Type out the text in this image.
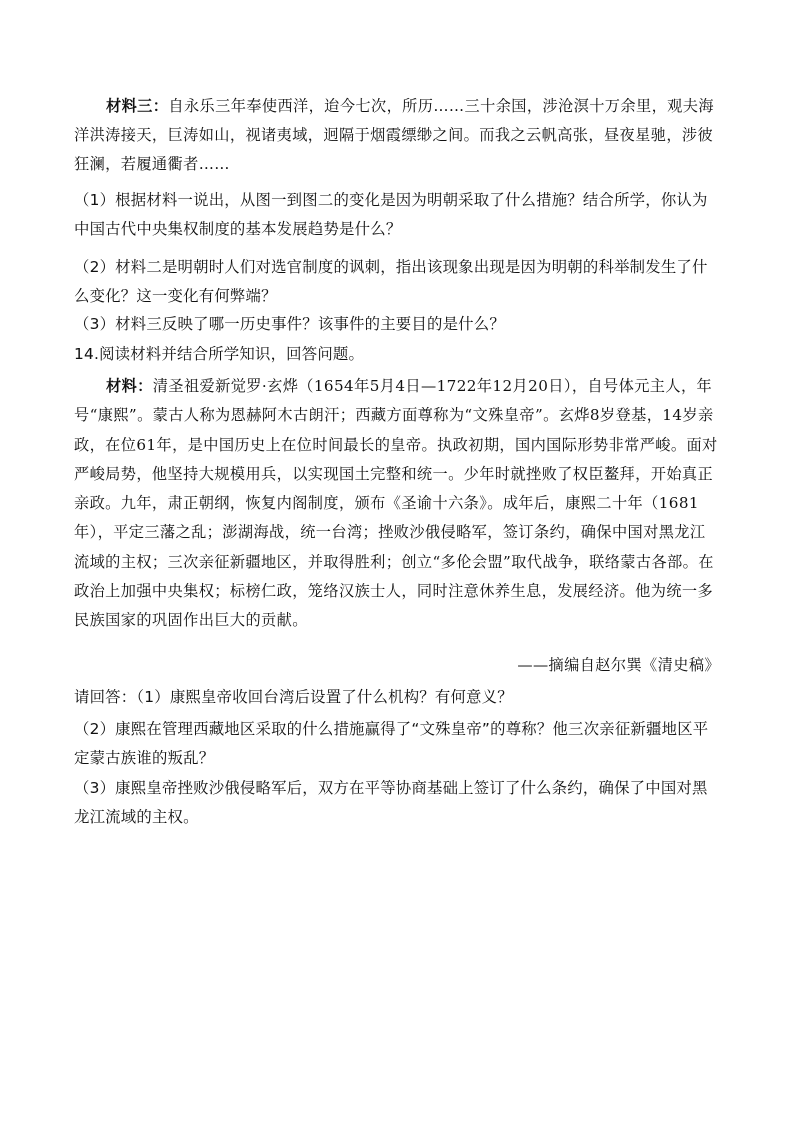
材料三：自永乐三年奉使西洋，迨今七次，所历……三十余国，涉沧溟十万余里，观夫海洋洪涛接天，巨涛如山，视诸夷域，迥隔于烟霞缥缈之间。而我之云帆高张，昼夜星驰，涉彼狂澜，若履通衢者……

（1）根据材料一说出，从图一到图二的变化是因为明朝采取了什么措施？结合所学，你认为中国古代中央集权制度的基本发展趋势是什么？

（2）材料二是明朝时人们对选官制度的讽刺，指出该现象出现是因为明朝的科举制发生了什么变化？这一变化有何弊端？

（3）材料三反映了哪一历史事件？该事件的主要目的是什么？

14.阅读材料并结合所学知识，回答问题。

材料：清圣祖爱新觉罗·玄烨（1654年5月4日—1722年12月20日），自号体元主人，年号“康熙”。蒙古人称为恩赫阿木古朗汗；西藏方面尊称为“文殊皇帝”。玄烨8岁登基，14岁亲政，在位61年，是中国历史上在位时间最长的皇帝。执政初期，国内国际形势非常严峻。面对严峻局势，他坚持大规模用兵，以实现国土完整和统一。少年时就挫败了权臣鳌拜，开始真正亲政。九年，肃正朝纲，恢复内阁制度，颁布《圣谕十六条》。成年后，康熙二十年（1681年），平定三藩之乱；澎湖海战，统一台湾；挫败沙俄侵略军，签订条约，确保中国对黑龙江流域的主权；三次亲征新疆地区，并取得胜利；创立“多伦会盟”取代战争，联络蒙古各部。在政治上加强中央集权；标榜仁政，笼络汉族士人，同时注意休养生息，发展经济。他为统一多民族国家的巩固作出巨大的贡献。

——摘编自赵尔巽《清史稿》

请回答：（1）康熙皇帝收回台湾后设置了什么机构？有何意义？

（2）康熙在管理西藏地区采取的什么措施赢得了“文殊皇帝”的尊称？他三次亲征新疆地区平定蒙古族谁的叛乱？

（3）康熙皇帝挫败沙俄侵略军后，双方在平等协商基础上签订了什么条约，确保了中国对黑龙江流域的主权。
